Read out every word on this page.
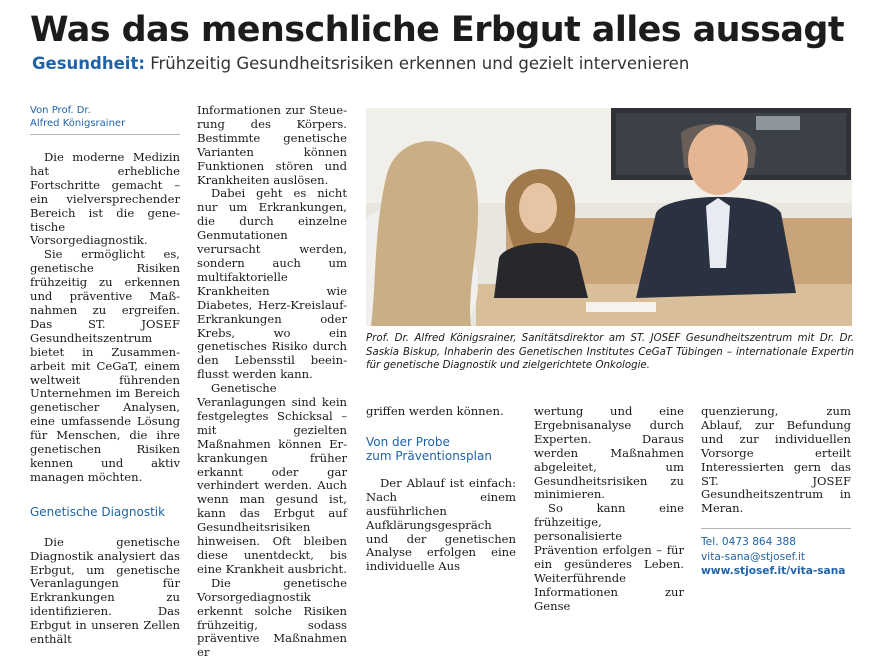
Was das menschliche Erbgut alles aussagt
Gesundheit: Frühzeitig Gesundheitsrisiken erkennen und gezielt intervenieren
Von Prof. Dr.
Alfred Königsrainer

Die moderne Medizin hat erhebliche Fortschritte gemacht – ein vielversprechender Bereich ist die genetische Vorsorgediagnostik.

Sie ermöglicht es, genetische Risiken frühzeitig zu erkennen und präventive Maßnahmen zu ergreifen. Das ST. JOSEF Gesundheitszentrum bietet in Zusammenarbeit mit CeGaT, einem weltweit führenden Unternehmen im Bereich genetischer Analysen, eine umfassende Lösung für Menschen, die ihre genetischen Risiken kennen und aktiv managen möchten.

Genetische Diagnostik

Die genetische Diagnostik analysiert das Erbgut, um genetische Veranlagungen für Erkrankungen zu identifizieren. Das Erbgut in unseren Zellen enthält

Informationen zur Steuerung des Körpers. Bestimmte genetische Varianten können Funktionen stören und Krankheiten auslösen.

Dabei geht es nicht nur um Erkrankungen, die durch einzelne Genmutationen verursacht werden, sondern auch um multifaktorielle Krankheiten wie Diabetes, Herz-Kreislauf-Erkrankungen oder Krebs, wo ein genetisches Risiko durch den Lebensstil beeinflusst werden kann.

Genetische Veranlagungen sind kein festgelegtes Schicksal – mit gezielten Maßnahmen können Erkrankungen früher erkannt oder gar verhindert werden. Auch wenn man gesund ist, kann das Erbgut auf Gesundheitsrisiken hinweisen. Oft bleiben diese unentdeckt, bis eine Krankheit ausbricht.

Die genetische Vorsorgediagnostik erkennt solche Risiken frühzeitig, sodass präventive Maßnahmen er

Prof. Dr. Alfred Königsrainer, Sanitätsdirektor am ST. JOSEF Gesundheitszentrum mit Dr. Dr. Saskia Biskup, Inhaberin des Genetischen Institutes CeGaT Tübingen – internationale Expertin für genetische Diagnostik und zielgerichtete Onkologie.

griffen werden können.

Von der Probe
zum Präventionsplan

Der Ablauf ist einfach: Nach einem ausführlichen Aufklärungsgespräch und der genetischen Analyse erfolgen eine individuelle Aus

wertung und eine Ergebnisanalyse durch Experten. Daraus werden Maßnahmen abgeleitet, um Gesundheitsrisiken zu minimieren.

So kann eine frühzeitige, personalisierte Prävention erfolgen – für ein gesünderes Leben. Weiterführende Informationen zur Gense

quenzierung, zum Ablauf, zur Befundung und zur individuellen Vorsorge erteilt Interessierten gern das ST. JOSEF Gesundheitszentrum in Meran.

Tel. 0473 864 388
vita-sana@stjosef.it
www.stjosef.it/vita-sana
